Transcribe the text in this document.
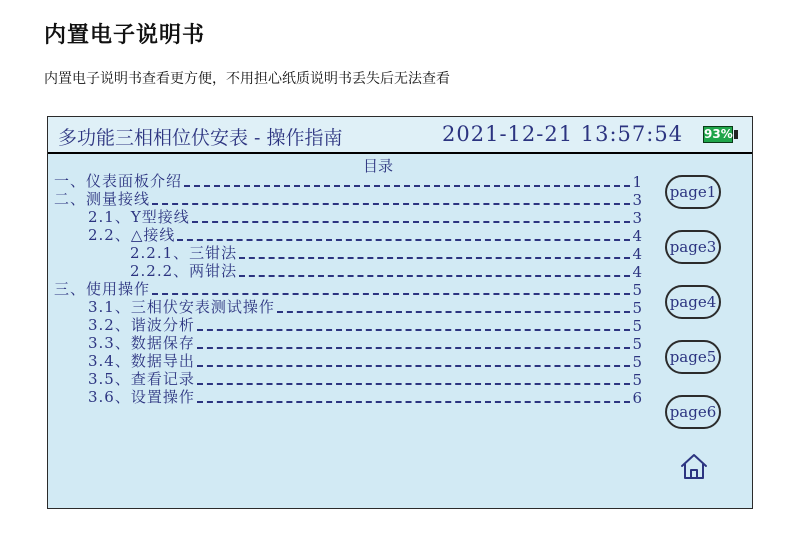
内置电子说明书
内置电子说明书查看更方便，不用担心纸质说明书丢失后无法查看
多功能三相相位伏安表 - 操作指南	2021-12-21 13:57:54 93%
目录
一、仪表面板介绍	1
二、测量接线	3
2.1、Y型接线	3
2.2、△接线	4
2.2.1、三钳法	4
2.2.2、两钳法	4
三、使用操作	5
3.1、三相伏安表测试操作	5
3.2、谐波分析	5
3.3、数据保存	5
3.4、数据导出	5
3.5、查看记录	5
3.6、设置操作	6
page1
page3
page4
page5
page6
